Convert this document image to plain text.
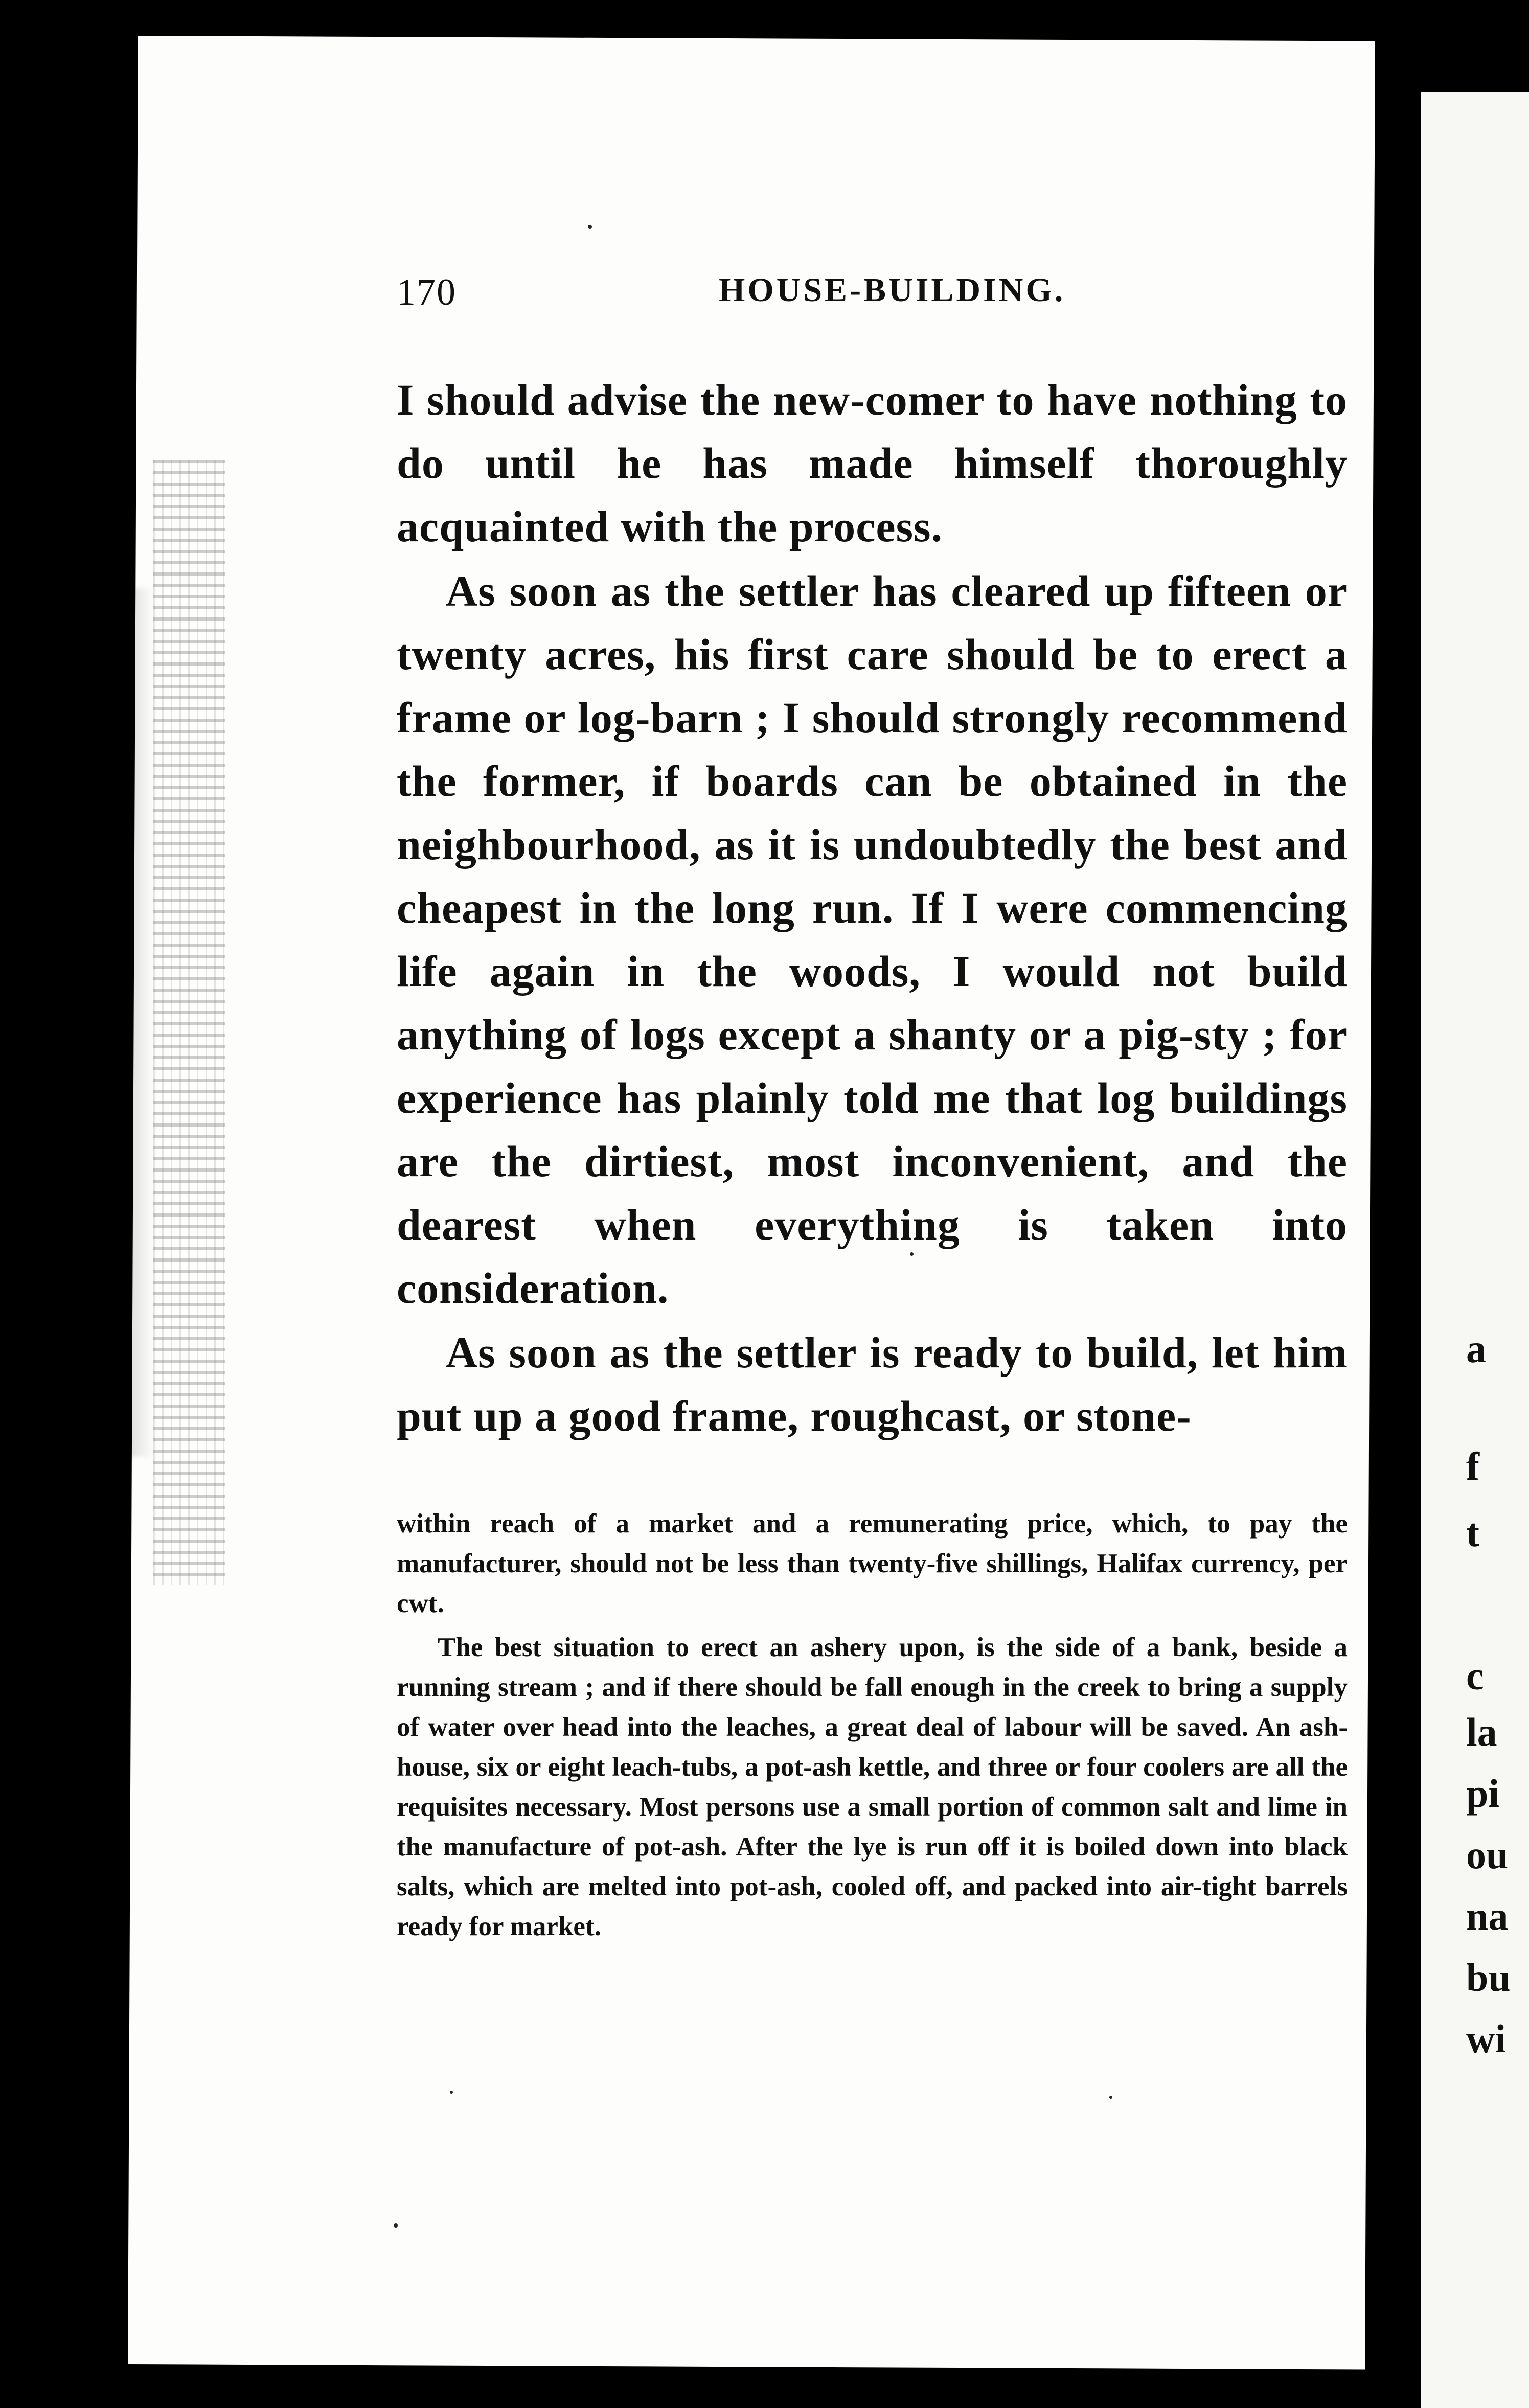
a
f
t
c
la
pi
ou
na
bu
wi
170	HOUSE-BUILDING.

I should advise the new-comer to have nothing to do until he has made himself thoroughly acquainted with the process.

As soon as the settler has cleared up fifteen or twenty acres, his first care should be to erect a frame or log-barn ; I should strongly recommend the former, if boards can be obtained in the neighbourhood, as it is undoubtedly the best and cheapest in the long run. If I were commencing life again in the woods, I would not build anything of logs except a shanty or a pig-sty ; for experience has plainly told me that log buildings are the dirtiest, most inconvenient, and the dearest when everything is taken into consideration.

As soon as the settler is ready to build, let him put up a good frame, roughcast, or stone-

within reach of a market and a remunerating price, which, to pay the manufacturer, should not be less than twenty-five shillings, Halifax currency, per cwt.

The best situation to erect an ashery upon, is the side of a bank, beside a running stream ; and if there should be fall enough in the creek to bring a supply of water over head into the leaches, a great deal of labour will be saved. An ash-house, six or eight leach-tubs, a pot-ash kettle, and three or four coolers are all the requisites necessary. Most persons use a small portion of common salt and lime in the manufacture of pot-ash. After the lye is run off it is boiled down into black salts, which are melted into pot-ash, cooled off, and packed into air-tight barrels ready for market.
